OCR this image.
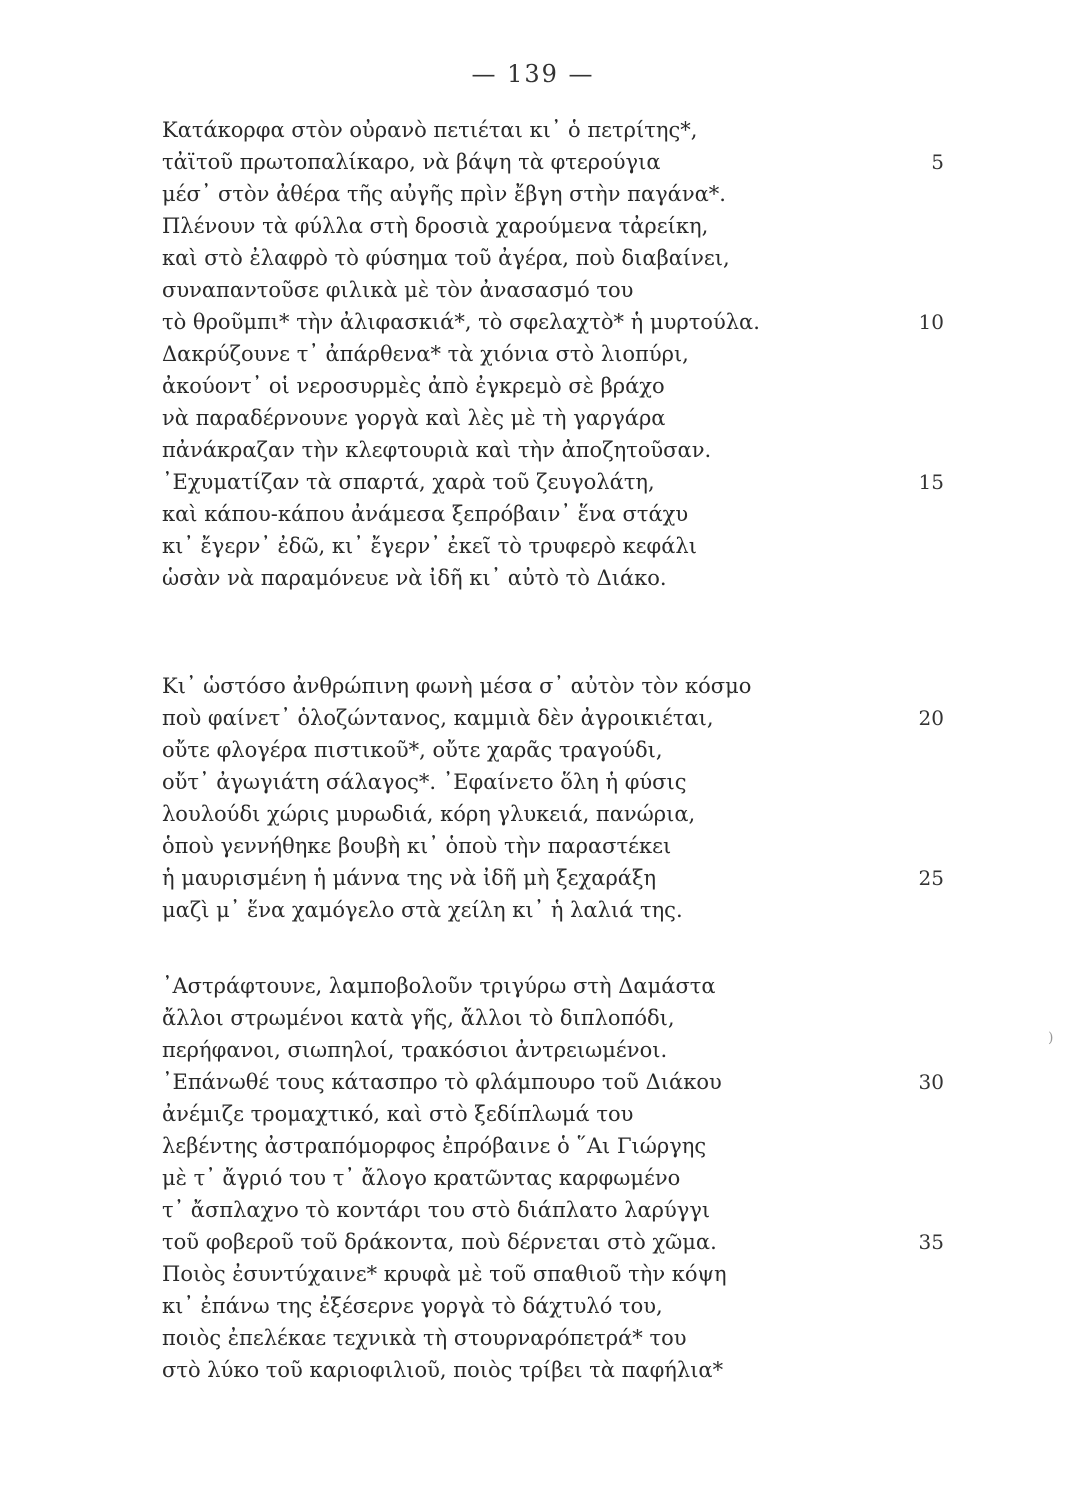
— 139 —
Κατάκορφα στὸν οὐρανὸ πετιέται κι᾿ ὁ πετρίτης*,
τἀϊτοῦ πρωτοπαλίκαρο, νὰ βάψη τὰ φτερούγια	5
μέσ᾿ στὸν ἀθέρα τῆς αὐγῆς πρὶν ἔβγη στὴν παγάνα*.
Πλένουν τὰ φύλλα στὴ δροσιὰ χαρούμενα τἀρείκη,
καὶ στὸ ἐλαφρὸ τὸ φύσημα τοῦ ἀγέρα, ποὺ διαβαίνει,
συναπαντοῦσε φιλικὰ μὲ τὸν ἀνασασμό του
τὸ θροῦμπι* τὴν ἀλιφασκιά*, τὸ σφελαχτὸ* ἡ μυρτούλα.	10
Δακρύζουνε τ᾿ ἀπάρθενα* τὰ χιόνια στὸ λιοπύρι,
ἀκούοντ᾿ οἱ νεροσυρμὲς ἀπὸ ἐγκρεμὸ σὲ βράχο
νὰ παραδέρνουνε γοργὰ καὶ λὲς μὲ τὴ γαργάρα
πἀνάκραζαν τὴν κλεφτουριὰ καὶ τὴν ἀποζητοῦσαν.
᾿Εχυματίζαν τὰ σπαρτά, χαρὰ τοῦ ζευγολάτη,	15
καὶ κάπου-κάπου ἀνάμεσα ξεπρόβαιν᾿ ἕνα στάχυ
κι᾿ ἔγερν᾿ ἐδῶ, κι᾿ ἔγερν᾿ ἐκεῖ τὸ τρυφερὸ κεφάλι
ὡσὰν νὰ παραμόνευε νὰ ἰδῆ κι᾿ αὐτὸ τὸ Διάκο.
Κι᾿ ὡστόσο ἀνθρώπινη φωνὴ μέσα σ᾿ αὐτὸν τὸν κόσμο
ποὺ φαίνετ᾿ ὁλοζώντανος, καμμιὰ δὲν ἀγροικιέται,	20
οὔτε φλογέρα πιστικοῦ*, οὔτε χαρᾶς τραγούδι,
οὔτ᾿ ἀγωγιάτη σάλαγος*. ᾿Εφαίνετο ὅλη ἡ φύσις
λουλούδι χώρις μυρωδιά, κόρη γλυκειά, πανώρια,
ὁποὺ γεννήθηκε βουβὴ κι᾿ ὁποὺ τὴν παραστέκει
ἡ μαυρισμένη ἡ μάννα της νὰ ἰδῆ μὴ ξεχαράξη	25
μαζὶ μ᾿ ἕνα χαμόγελο στὰ χείλη κι᾿ ἡ λαλιά της.
᾿Αστράφτουνε, λαμποβολοῦν τριγύρω στὴ Δαμάστα
ἄλλοι στρωμένοι κατὰ γῆς, ἄλλοι τὸ διπλοπόδι,
περήφανοι, σιωπηλοί, τρακόσιοι ἀντρειωμένοι.
᾿Επάνωθέ τους κάτασπρο τὸ φλάμπουρο τοῦ Διάκου	30
ἀνέμιζε τρομαχτικό, καὶ στὸ ξεδίπλωμά του
λεβέντης ἀστραπόμορφος ἐπρόβαινε ὁ ῞Αι Γιώργης
μὲ τ᾿ ἄγριό του τ᾿ ἄλογο κρατῶντας καρφωμένο
τ᾿ ἄσπλαχνο τὸ κοντάρι του στὸ διάπλατο λαρύγγι
τοῦ φοβεροῦ τοῦ δράκοντα, ποὺ δέρνεται στὸ χῶμα.	35
Ποιὸς ἐσυντύχαινε* κρυφὰ μὲ τοῦ σπαθιοῦ τὴν κόψη
κι᾿ ἐπάνω της ἐξέσερνε γοργὰ τὸ δάχτυλό του,
ποιὸς ἐπελέκαε τεχνικὰ τὴ στουρναρόπετρά* του
στὸ λύκο τοῦ καριοφιλιοῦ, ποιὸς τρίβει τὰ παφήλια*
)
